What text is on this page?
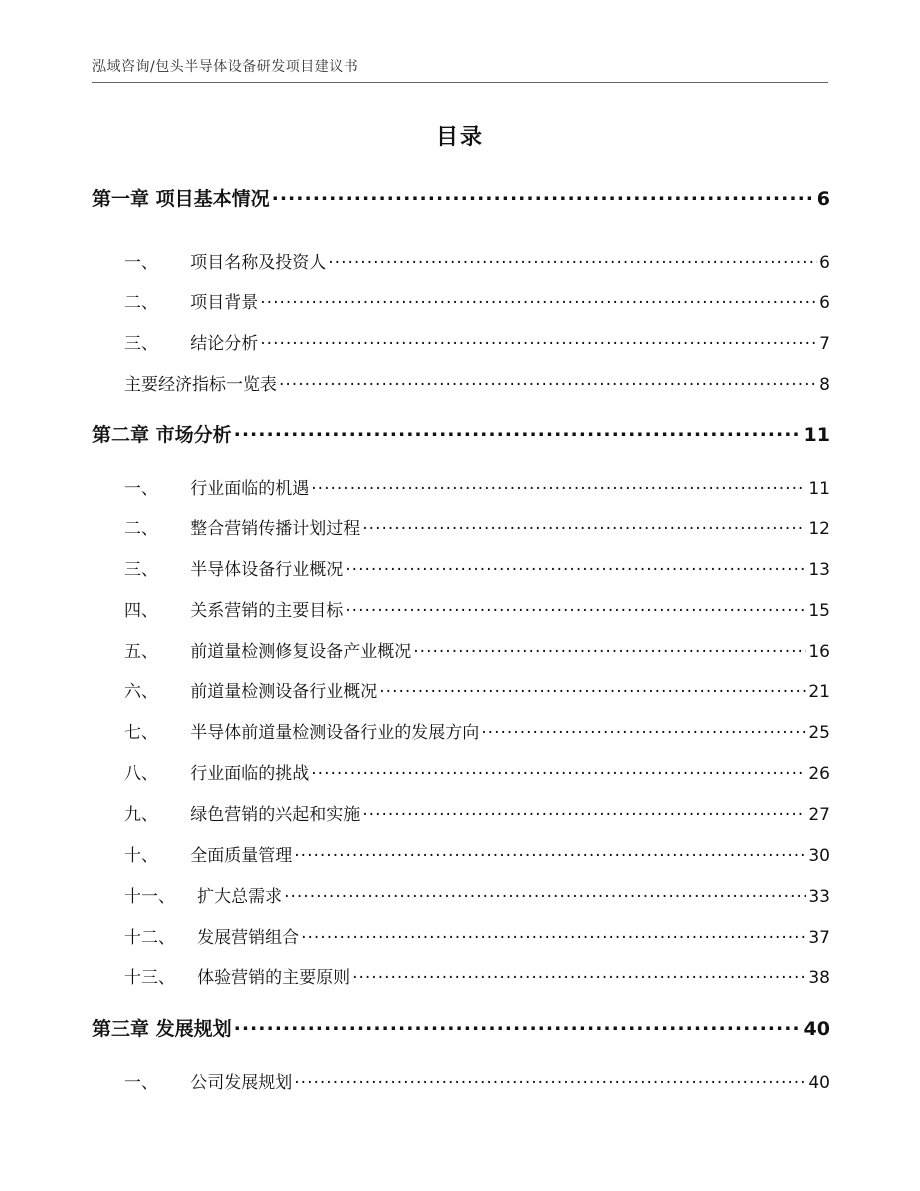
泓域咨询/包头半导体设备研发项目建议书
目录
第一章 项目基本情况 .....	6
一、 项目名称及投资人 .....	6
二、 项目背景 .....	6
三、 结论分析 .....	7
主要经济指标一览表 .....	8
第二章 市场分析 .....	11
一、 行业面临的机遇 .....	11
二、 整合营销传播计划过程 .....	12
三、 半导体设备行业概况 .....	13
四、 关系营销的主要目标 .....	15
五、 前道量检测修复设备产业概况 .....	16
六、 前道量检测设备行业概况 .....	21
七、 半导体前道量检测设备行业的发展方向 .....	25
八、 行业面临的挑战 .....	26
九、 绿色营销的兴起和实施 .....	27
十、 全面质量管理 .....	30
十一、 扩大总需求 .....	33
十二、 发展营销组合 .....	37
十三、 体验营销的主要原则 .....	38
第三章 发展规划 .....	40
一、 公司发展规划 .....	40
